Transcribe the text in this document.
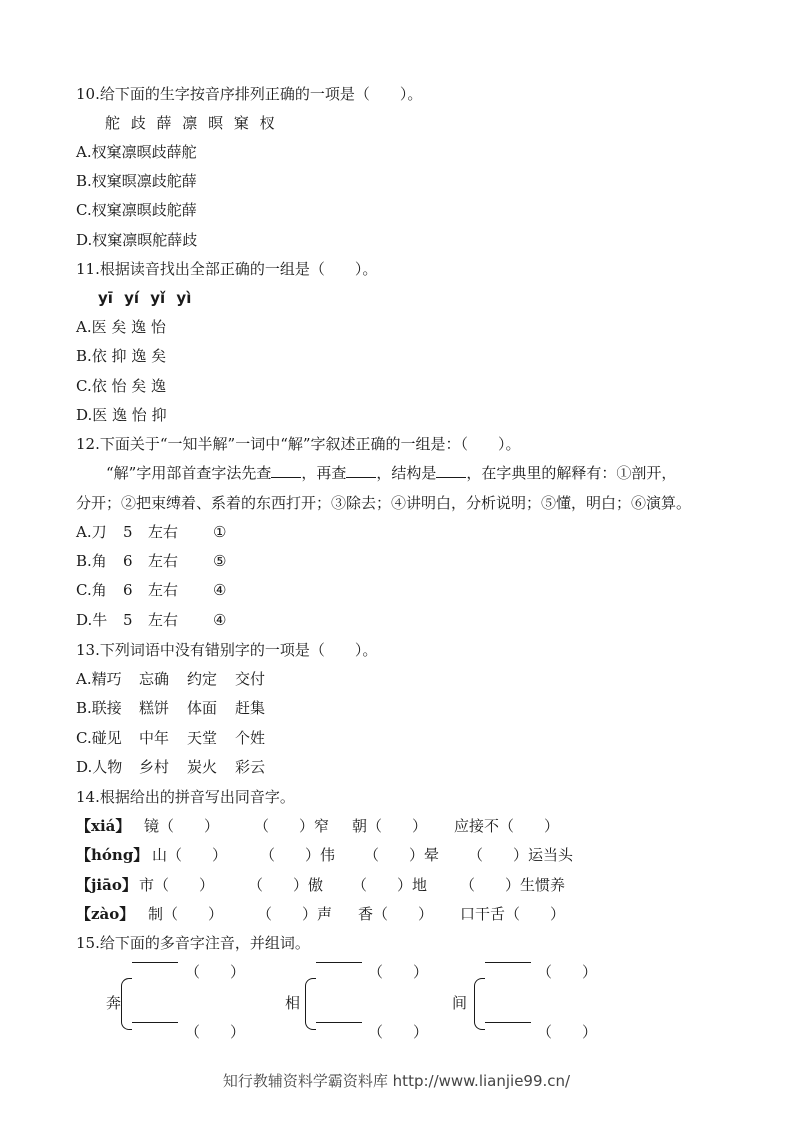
10.给下面的生字按音序排列正确的一项是（　　）。
舵 歧 薛 凛 暝 窠 杈
A.杈窠凛暝歧薛舵
B.杈窠暝凛歧舵薛
C.杈窠凛暝歧舵薛
D.杈窠凛暝舵薛歧
11.根据读音找出全部正确的一组是（　　）。
yī yí yǐ yì
A.医 矣 逸 怡
B.依 抑 逸 矣
C.依 怡 矣 逸
D.医 逸 怡 抑
12.下面关于“一知半解”一词中“解”字叙述正确的一组是：（　　）。
“解”字用部首查字法先查 ，再查 ，结构是 ，在字典里的解释有：①剖开，
分开；②把束缚着、系着的东西打开；③除去；④讲明白，分析说明；⑤懂，明白；⑥演算。
A.刀 5 左右 ①
B.角 6 左右 ⑤
C.角 6 左右 ④
D.牛 5 左右 ④
13.下列词语中没有错别字的一项是（　　）。
A.精巧 忘确 约定 交付
B.联接 糕饼 体面 赶集
C.碰见 中年 天堂 个姓
D.人物 乡村 炭火 彩云
14.根据给出的拼音写出同音字。
【xiá】 镜（　　） （　　）窄 朝（　　） 应接不（　　）
【hóng】 山（　　） （　　）伟 （　　）晕 （　　）运当头
【jiāo】 市（　　） （　　）傲 （　　）地 （　　）生惯养
【zào】 制（　　） （　　）声 香（　　） 口干舌（　　）
15.给下面的多音字注音，并组词。
奔
（　　）
（　　）
相
（　　）
（　　）
间
（　　）
（　　）
知行教辅资料学霸资料库 http://www.lianjie99.cn/
